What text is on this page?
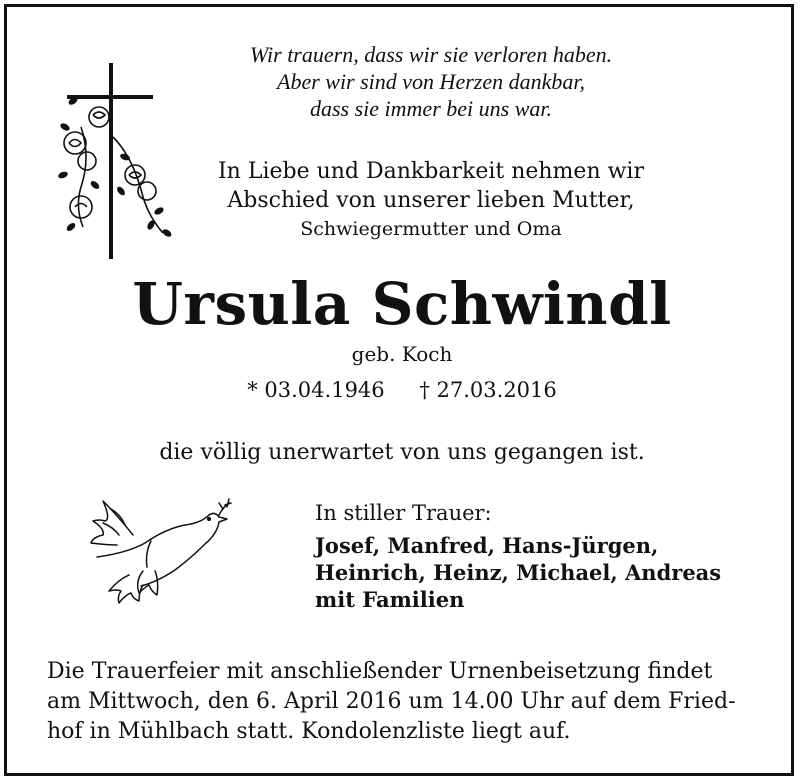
Wir trauern, dass wir sie verloren haben.
Aber wir sind von Herzen dankbar,
dass sie immer bei uns war.
In Liebe und Dankbarkeit nehmen wir
Abschied von unserer lieben Mutter,
Schwiegermutter und Oma
Ursula Schwindl
geb. Koch
* 03.04.1946 † 27.03.2016
die völlig unerwartet von uns gegangen ist.
In stiller Trauer:
Josef, Manfred, Hans-Jürgen,
Heinrich, Heinz, Michael, Andreas
mit Familien
Die Trauerfeier mit anschließender Urnenbeisetzung findet
am Mittwoch, den 6. April 2016 um 14.00 Uhr auf dem Fried-
hof in Mühlbach statt. Kondolenzliste liegt auf.
